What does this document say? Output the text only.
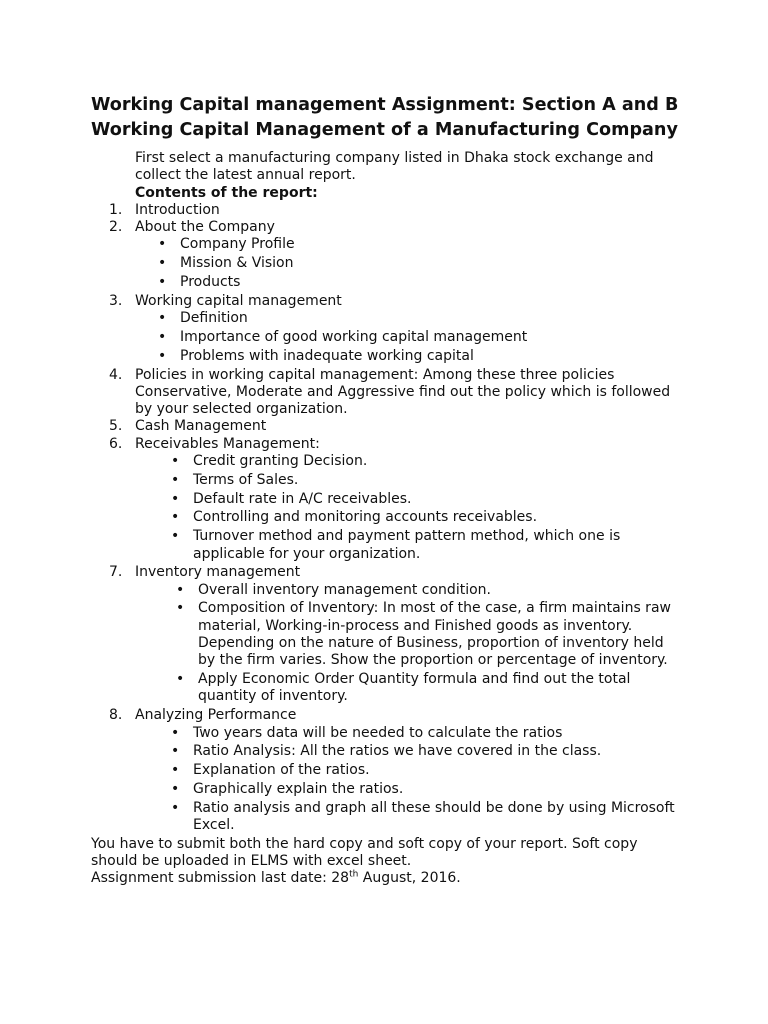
Working Capital management Assignment: Section A and B
Working Capital Management of a Manufacturing Company

First select a manufacturing company listed in Dhaka stock exchange and collect the latest annual report.

Contents of the report:

1. Introduction
2. About the Company
• Company Profile
• Mission & Vision
• Products
3. Working capital management
• Definition
• Importance of good working capital management
• Problems with inadequate working capital
4. Policies in working capital management: Among these three policies Conservative, Moderate and Aggressive find out the policy which is followed by your selected organization.
5. Cash Management
6. Receivables Management:
• Credit granting Decision.
• Terms of Sales.
• Default rate in A/C receivables.
• Controlling and monitoring accounts receivables.
• Turnover method and payment pattern method, which one is applicable for your organization.
7. Inventory management
• Overall inventory management condition.
• Composition of Inventory: In most of the case, a firm maintains raw material, Working-in-process and Finished goods as inventory. Depending on the nature of Business, proportion of inventory held by the firm varies. Show the proportion or percentage of inventory.
• Apply Economic Order Quantity formula and find out the total quantity of inventory.
8. Analyzing Performance
• Two years data will be needed to calculate the ratios
• Ratio Analysis: All the ratios we have covered in the class.
• Explanation of the ratios.
• Graphically explain the ratios.
• Ratio analysis and graph all these should be done by using Microsoft Excel.

You have to submit both the hard copy and soft copy of your report. Soft copy should be uploaded in ELMS with excel sheet.

Assignment submission last date: 28th August, 2016.
